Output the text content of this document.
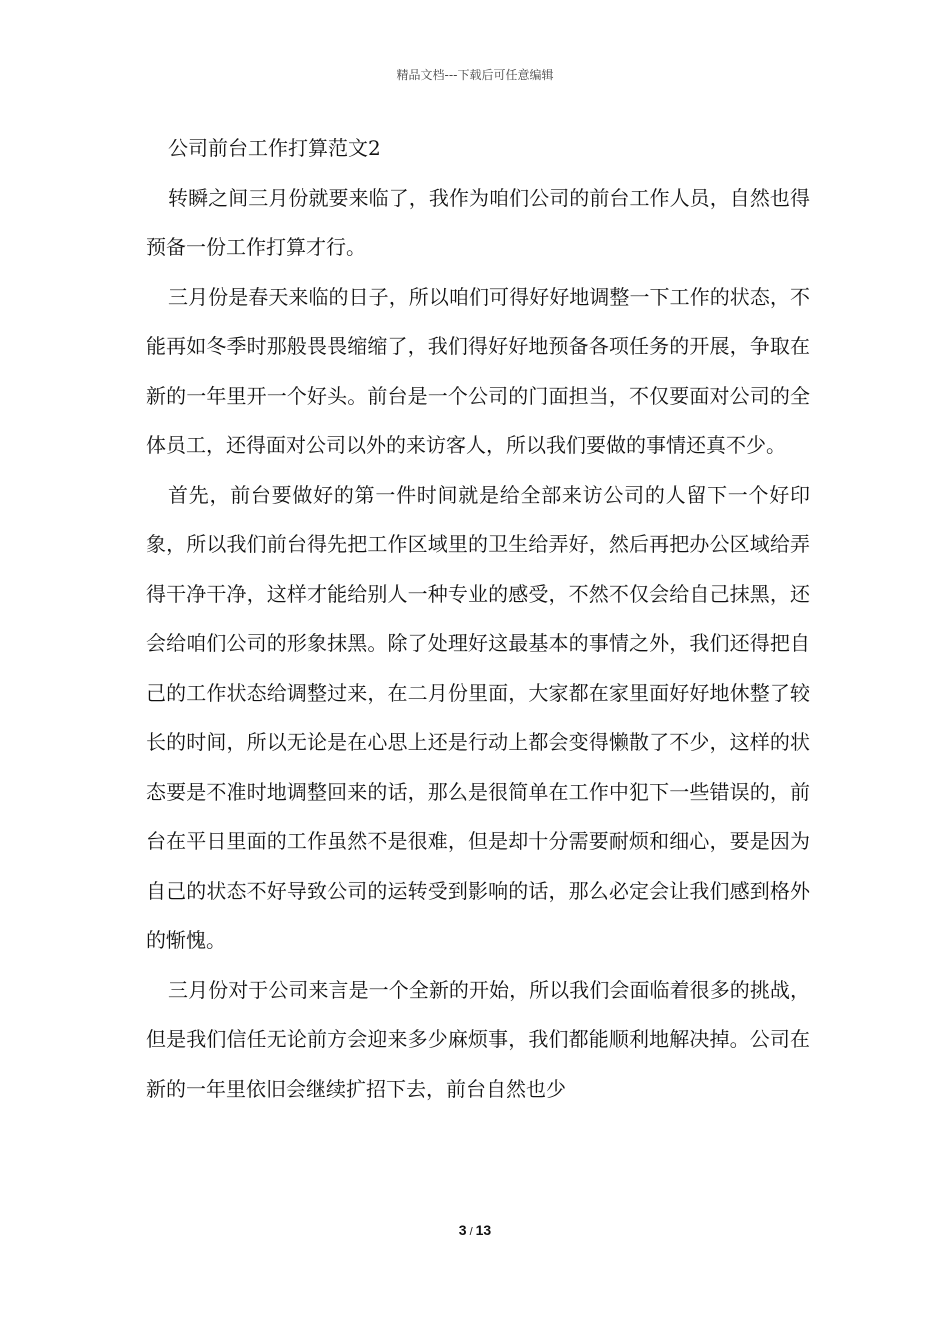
精品文档---下载后可任意编辑

公司前台工作打算范文2

转瞬之间三月份就要来临了，我作为咱们公司的前台工作人员，自然也得预备一份工作打算才行。

三月份是春天来临的日子，所以咱们可得好好地调整一下工作的状态，不能再如冬季时那般畏畏缩缩了，我们得好好地预备各项任务的开展，争取在新的一年里开一个好头。前台是一个公司的门面担当，不仅要面对公司的全体员工，还得面对公司以外的来访客人，所以我们要做的事情还真不少。

首先，前台要做好的第一件时间就是给全部来访公司的人留下一个好印象，所以我们前台得先把工作区域里的卫生给弄好，然后再把办公区域给弄得干净干净，这样才能给别人一种专业的感受，不然不仅会给自己抹黑，还会给咱们公司的形象抹黑。除了处理好这最基本的事情之外，我们还得把自己的工作状态给调整过来，在二月份里面，大家都在家里面好好地休整了较长的时间，所以无论是在心思上还是行动上都会变得懒散了不少，这样的状态要是不准时地调整回来的话，那么是很简单在工作中犯下一些错误的，前台在平日里面的工作虽然不是很难，但是却十分需要耐烦和细心，要是因为自己的状态不好导致公司的运转受到影响的话，那么必定会让我们感到格外的惭愧。

三月份对于公司来言是一个全新的开始，所以我们会面临着很多的挑战，但是我们信任无论前方会迎来多少麻烦事，我们都能顺利地解决掉。公司在新的一年里依旧会继续扩招下去，前台自然也少

3 / 13
